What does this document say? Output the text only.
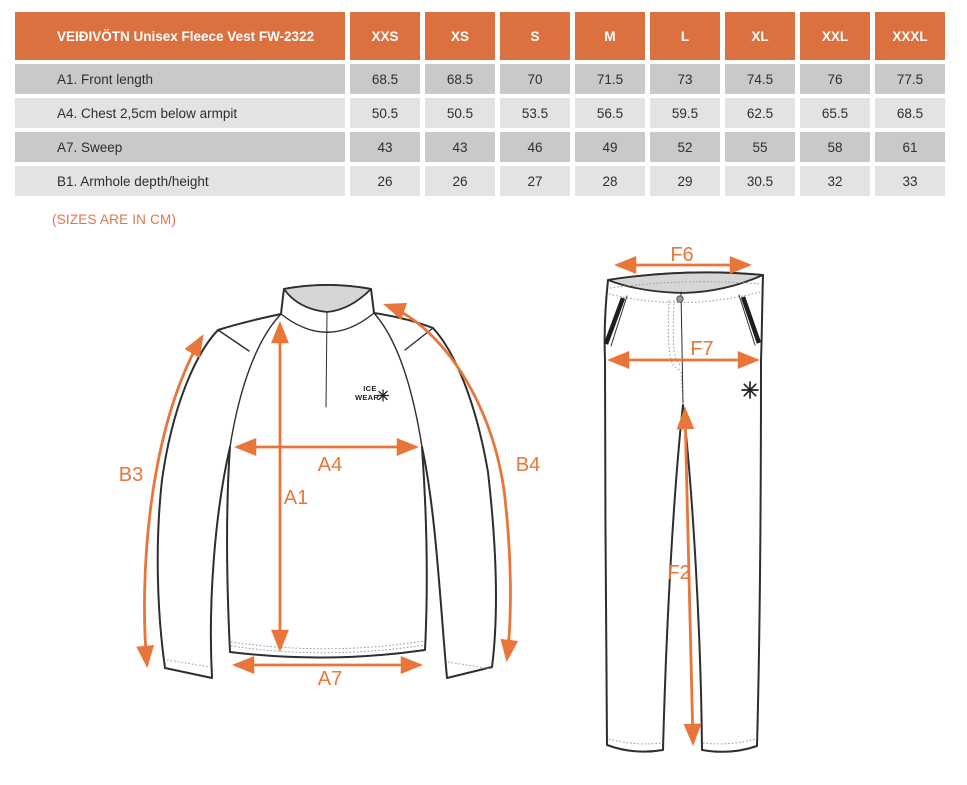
VEIÐIVÖTN Unisex Fleece Vest FW-2322	XXS	XS	S	M	L	XL	XXL	XXXL
A1. Front length	68.5	68.5	70	71.5	73	74.5	76	77.5
A4. Chest 2,5cm below armpit	50.5	50.5	53.5	56.5	59.5	62.5	65.5	68.5
A7. Sweep	43	43	46	49	52	55	58	61
B1. Armhole depth/height	26	26	27	28	29	30.5	32	33
(SIZES ARE IN CM)
ICE
WEAR
B3	B4
A4
A1
A7
F6
F7
F2
